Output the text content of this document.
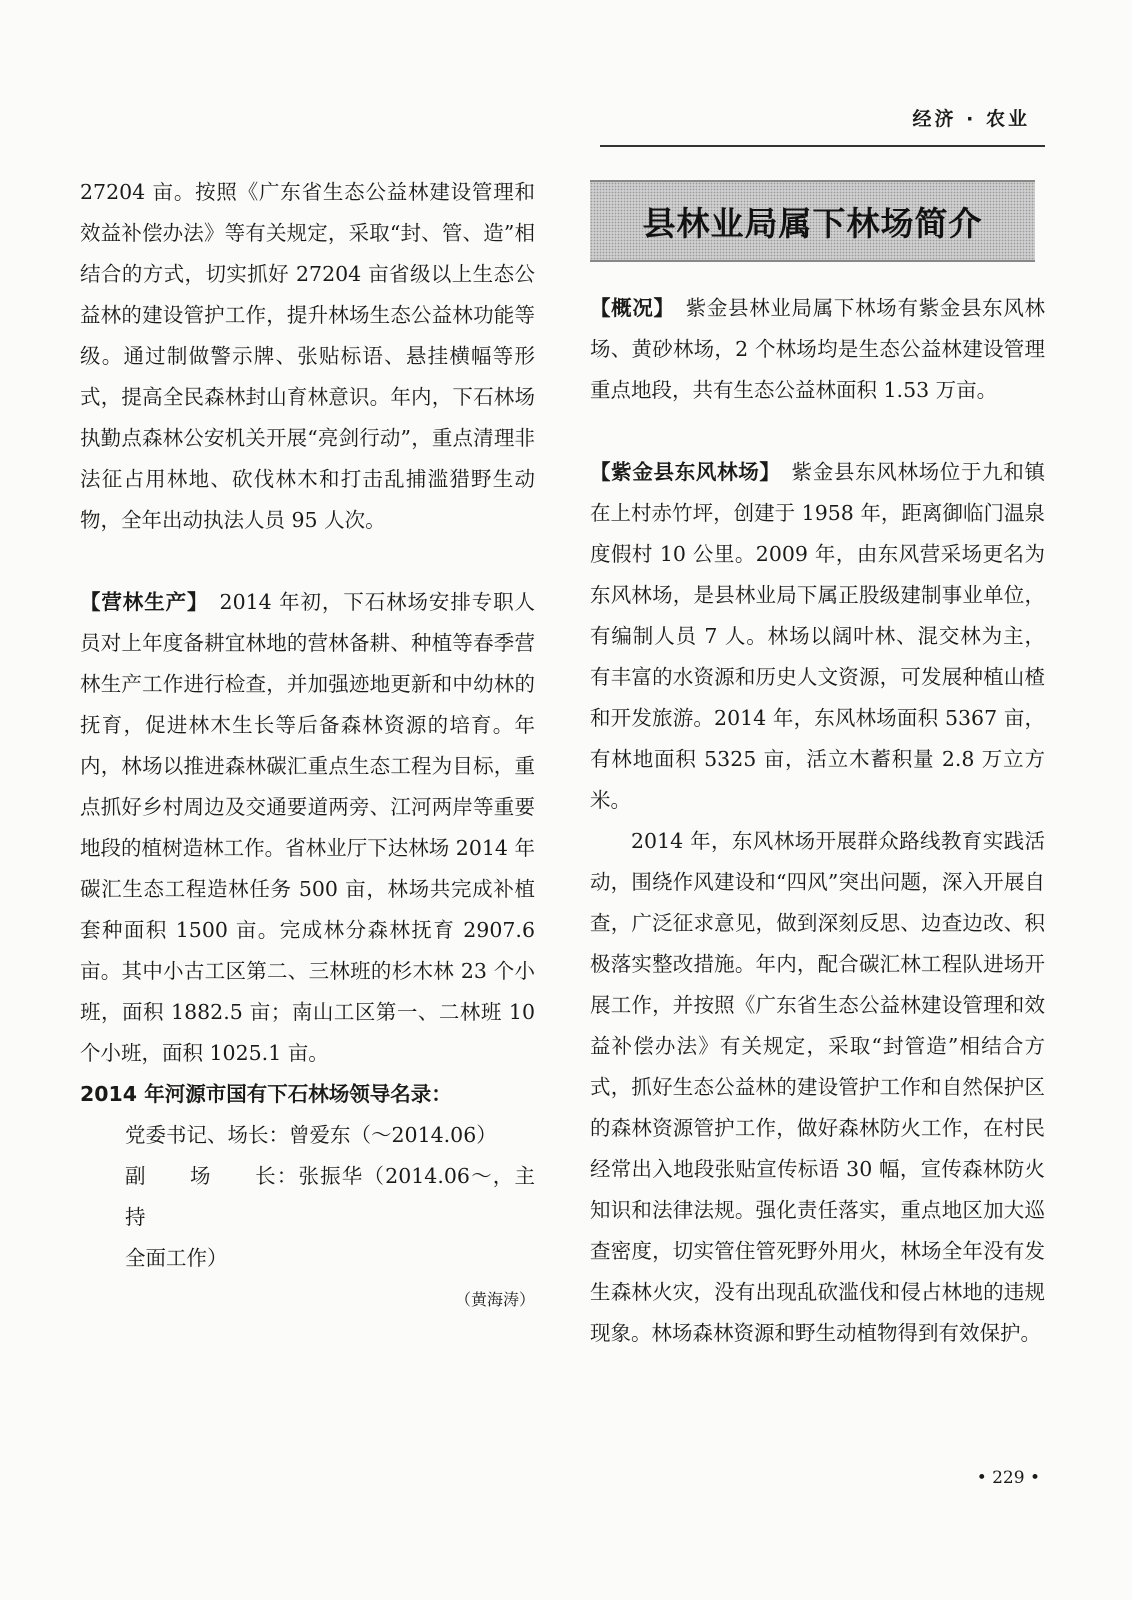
经济 · 农业

27204 亩。按照《广东省生态公益林建设管理和效益补偿办法》等有关规定，采取“封、管、造”相结合的方式，切实抓好 27204 亩省级以上生态公益林的建设管护工作，提升林场生态公益林功能等级。通过制做警示牌、张贴标语、悬挂横幅等形式，提高全民森林封山育林意识。年内，下石林场执勤点森林公安机关开展“亮剑行动”，重点清理非法征占用林地、砍伐林木和打击乱捕滥猎野生动物，全年出动执法人员 95 人次。

【营林生产】　 2014 年初，下石林场安排专职人员对上年度备耕宜林地的营林备耕、种植等春季营林生产工作进行检查，并加强迹地更新和中幼林的抚育，促进林木生长等后备森林资源的培育。年内，林场以推进森林碳汇重点生态工程为目标，重点抓好乡村周边及交通要道两旁、江河两岸等重要地段的植树造林工作。省林业厅下达林场 2014 年碳汇生态工程造林任务 500 亩，林场共完成补植套种面积 1500 亩。完成林分森林抚育 2907.6 亩。其中小古工区第二、三林班的杉木林 23 个小班，面积 1882.5 亩；南山工区第一、二林班 10 个小班，面积 1025.1 亩。

2014 年河源市国有下石林场领导名录：

党委书记、场长：曾爱东（～2014.06）

副　　场　　长：张振华（2014.06～，主持

全面工作）

（黄海涛）

县林业局属下林场简介

【概况】　 紫金县林业局属下林场有紫金县东风林场、黄砂林场，2 个林场均是生态公益林建设管理重点地段，共有生态公益林面积 1.53 万亩。

【紫金县东风林场】　 紫金县东风林场位于九和镇在上村赤竹坪，创建于 1958 年，距离御临门温泉度假村 10 公里。2009 年，由东风营采场更名为东风林场，是县林业局下属正股级建制事业单位，有编制人员 7 人。林场以阔叶林、混交林为主，有丰富的水资源和历史人文资源，可发展种植山楂和开发旅游。2014 年，东风林场面积 5367 亩，有林地面积 5325 亩，活立木蓄积量 2.8 万立方米。

2014 年，东风林场开展群众路线教育实践活动，围绕作风建设和“四风”突出问题，深入开展自查，广泛征求意见，做到深刻反思、边查边改、积极落实整改措施。年内，配合碳汇林工程队进场开展工作，并按照《广东省生态公益林建设管理和效益补偿办法》有关规定，采取“封管造”相结合方式，抓好生态公益林的建设管护工作和自然保护区的森林资源管护工作，做好森林防火工作，在村民经常出入地段张贴宣传标语 30 幅，宣传森林防火知识和法律法规。强化责任落实，重点地区加大巡查密度，切实管住管死野外用火，林场全年没有发生森林火灾，没有出现乱砍滥伐和侵占林地的违规现象。林场森林资源和野生动植物得到有效保护。

• 229 •
